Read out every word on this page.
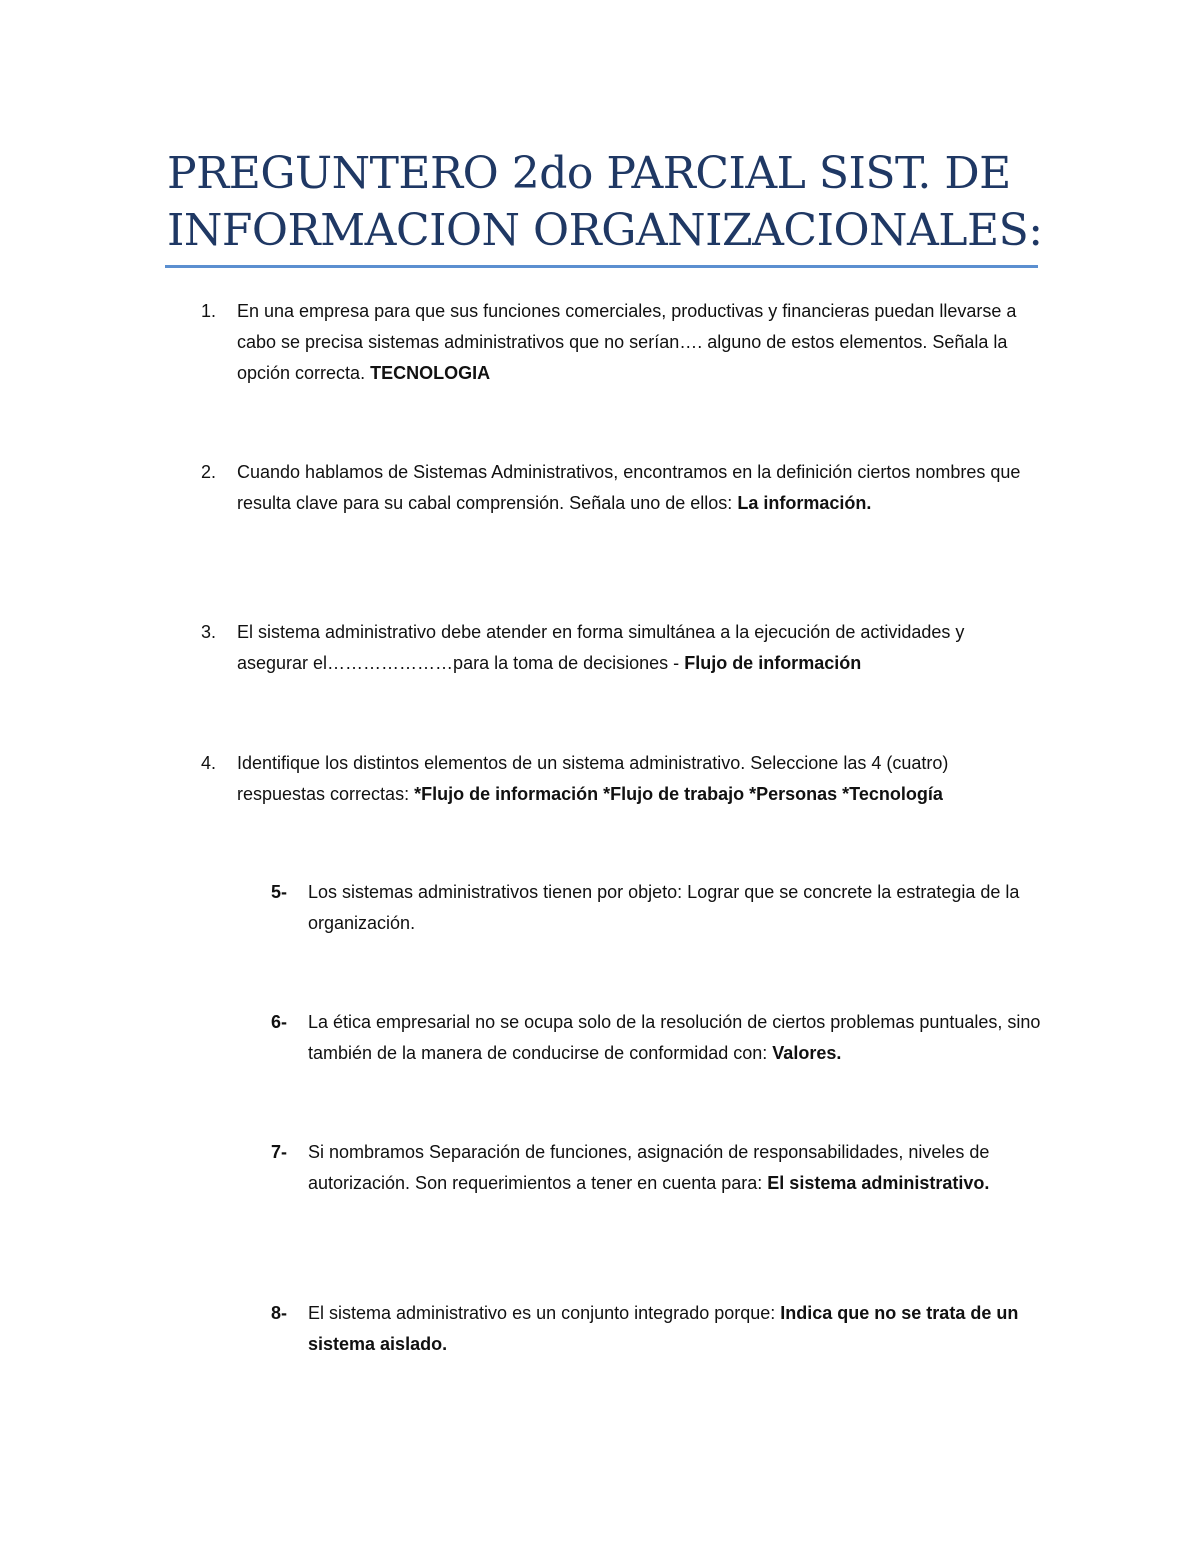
PREGUNTERO 2do PARCIAL SIST. DE
INFORMACION ORGANIZACIONALES:
1. En una empresa para que sus funciones comerciales, productivas y financieras puedan llevarse a cabo se precisa sistemas administrativos que no serían…. alguno de estos elementos. Señala la opción correcta. TECNOLOGIA
2. Cuando hablamos de Sistemas Administrativos, encontramos en la definición ciertos nombres que resulta clave para su cabal comprensión. Señala uno de ellos: La información.
3. El sistema administrativo debe atender en forma simultánea a la ejecución de actividades y asegurar el…………………para la toma de decisiones - Flujo de información
4. Identifique los distintos elementos de un sistema administrativo. Seleccione las 4 (cuatro) respuestas correctas: *Flujo de información *Flujo de trabajo *Personas *Tecnología
5- Los sistemas administrativos tienen por objeto: Lograr que se concrete la estrategia de la organización.
6- La ética empresarial no se ocupa solo de la resolución de ciertos problemas puntuales, sino también de la manera de conducirse de conformidad con: Valores.
7- Si nombramos Separación de funciones, asignación de responsabilidades, niveles de autorización. Son requerimientos a tener en cuenta para: El sistema administrativo.
8- El sistema administrativo es un conjunto integrado porque: Indica que no se trata de un sistema aislado.
